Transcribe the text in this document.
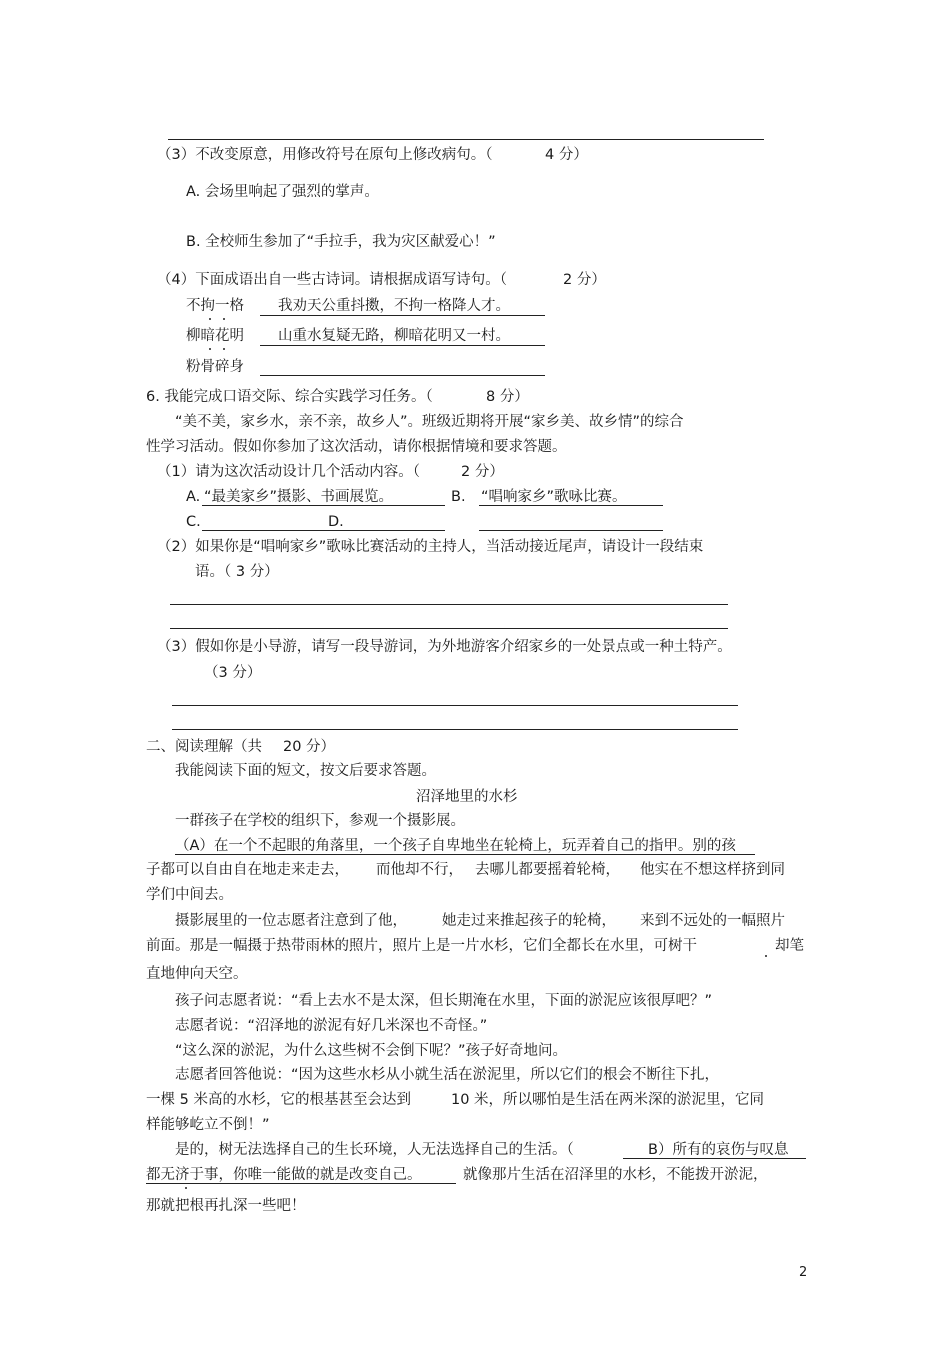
（3）不改变原意，用修改符号在原句上修改病句。（	4 分）
A. 会场里响起了强烈的掌声。
B. 全校师生参加了“手拉手，我为灾区献爱心！”
（4）下面成语出自一些古诗词。请根据成语写诗句。（	2 分）
不拘一格 我劝天公重抖擞，不拘一格降人才。
柳暗花明 山重水复疑无路，柳暗花明又一村。
粉骨碎身
6. 我能完成口语交际、综合实践学习任务。（	8 分）
“美不美，家乡水，亲不亲，故乡人”。班级近期将开展“家乡美、故乡情”的综合
性学习活动。假如你参加了这次活动，请你根据情境和要求答题。
（1）请为这次活动设计几个活动内容。（	2 分）
A. “最美家乡”摄影、书画展览。	B. “唱响家乡”歌咏比赛。
C.	D.
（2）如果你是“唱响家乡”歌咏比赛活动的主持人，当活动接近尾声，请设计一段结束
语。（ 3 分）
（3）假如你是小导游，请写一段导游词，为外地游客介绍家乡的一处景点或一种土特产。
（3 分）
二、阅读理解（共 20 分）
我能阅读下面的短文，按文后要求答题。
沼泽地里的水杉
一群孩子在学校的组织下，参观一个摄影展。
（A）在一个不起眼的角落里，一个孩子自卑地坐在轮椅上，玩弄着自己的指甲。别的孩
子都可以自由自在地走来走去， 而他却不行， 去哪儿都要摇着轮椅， 他实在不想这样挤到同
学们中间去。
摄影展里的一位志愿者注意到了他， 她走过来推起孩子的轮椅， 来到不远处的一幅照片
前面。那是一幅摄于热带雨林的照片，照片上是一片水杉，它们全都长在水里，可树干	却笔
直地伸向天空。
孩子问志愿者说：“看上去水不是太深，但长期淹在水里，下面的淤泥应该很厚吧？”
志愿者说：“沼泽地的淤泥有好几米深也不奇怪。”
“这么深的淤泥，为什么这些树不会倒下呢？”孩子好奇地问。
志愿者回答他说：“因为这些水杉从小就生活在淤泥里，所以它们的根会不断往下扎，
一棵 5 米高的水杉，它的根基甚至会达到	10 米，所以哪怕是生活在两米深的淤泥里，它同
样能够屹立不倒！”
是的，树无法选择自己的生长环境，人无法选择自己的生活。（	B）所有的哀伤与叹息
都无济于事，你唯一能做的就是改变自己。	就像那片生活在沼泽里的水杉，不能拨开淤泥，
那就把根再扎深一些吧！
2
